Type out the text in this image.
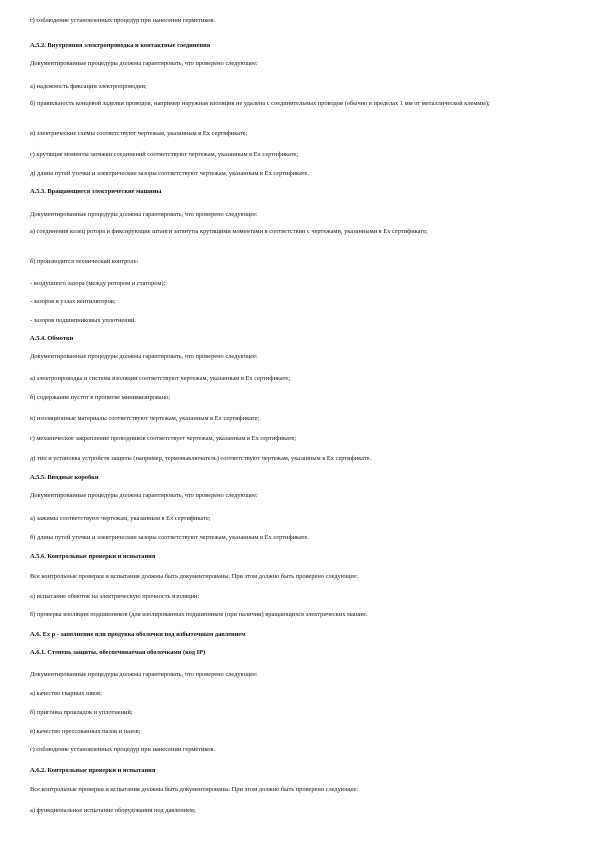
г) соблюдение установленных процедур при нанесении герметиков.
A.5.2. Внутренняя электропроводка и контактные соединения
Документированные процедуры должны гарантировать, что проверено следующее:
а) надежность фиксации электропроводки;
б) правильность концевой заделки проводов, например наружная изоляция не удалена с соединительных проводов (обычно в пределах 1 мм от металлической клеммы);
в) электрические схемы соответствуют чертежам, указанным в Ex сертификате;
г) крутящие моменты затяжки соединений соответствуют чертежам, указанным в Ex сертификате;
д) длина путей утечки и электрические зазоры соответствуют чертежам, указанным в Ex сертификате.
A.5.3. Вращающиеся электрические машины
Документированные процедуры должны гарантировать, что проверено следующее:
а) соединения колец ротора и фиксирующие штанги затянуты крутящими моментами в соответствии с чертежами, указанными в Ex сертификате;
б) производится технический контроль:
- воздушного зазора (между ротором и статором);
- зазоров в узлах вентиляторов;
- зазоров подшипниковых уплотнений.
A.5.4. Обмотки
Документированные процедуры должны гарантировать, что проверено следующее:
а) электропроводка и система изоляции соответствуют чертежам, указанным в Ex сертификате;
б) содержание пустот в пропитке минимизировано;
в) изоляционные материалы соответствуют чертежам, указанным в Ex сертификате;
г) механическое закрепление проводников соответствует чертежам, указанным в Ex сертификате;
д) тип и установка устройств защиты (например, термовыключатель) соответствуют чертежам, указанным в Ex сертификате.
A.5.5. Вводные коробки
Документированные процедуры должны гарантировать, что проверено следующее:
а) зажимы соответствуют чертежам, указанным в Ex сертификате;
б) длина путей утечки и электрические зазоры соответствуют чертежам, указанным в Ex сертификате.
A.5.6. Контрольные проверки и испытания
Все контрольные проверки и испытания должны быть документированы. При этом должно быть проверено следующее:
а) испытание обмоток на электрическую прочность изоляции;
б) проверка изоляции подшипников (для изолированных подшипников (при наличии) вращающихся электрических машин.
A.6. Ex p - заполнение или продувка оболочки под избыточным давлением
A.6.1. Степень защиты, обеспечиваемая оболочками (код IP)
Документированные процедуры должны гарантировать, что проверено следующее:
а) качество сварных швов;
б) пригонка прокладок и уплотнений;
в) качество прессованных пазов и пазов;
г) соблюдение установленных процедур при нанесении герметиков.
A.6.2. Контрольные проверки и испытания
Все контрольные проверки и испытания должны быть документированы. При этом должно быть проверено следующее:
а) функциональное испытание оборудования под давлением;
